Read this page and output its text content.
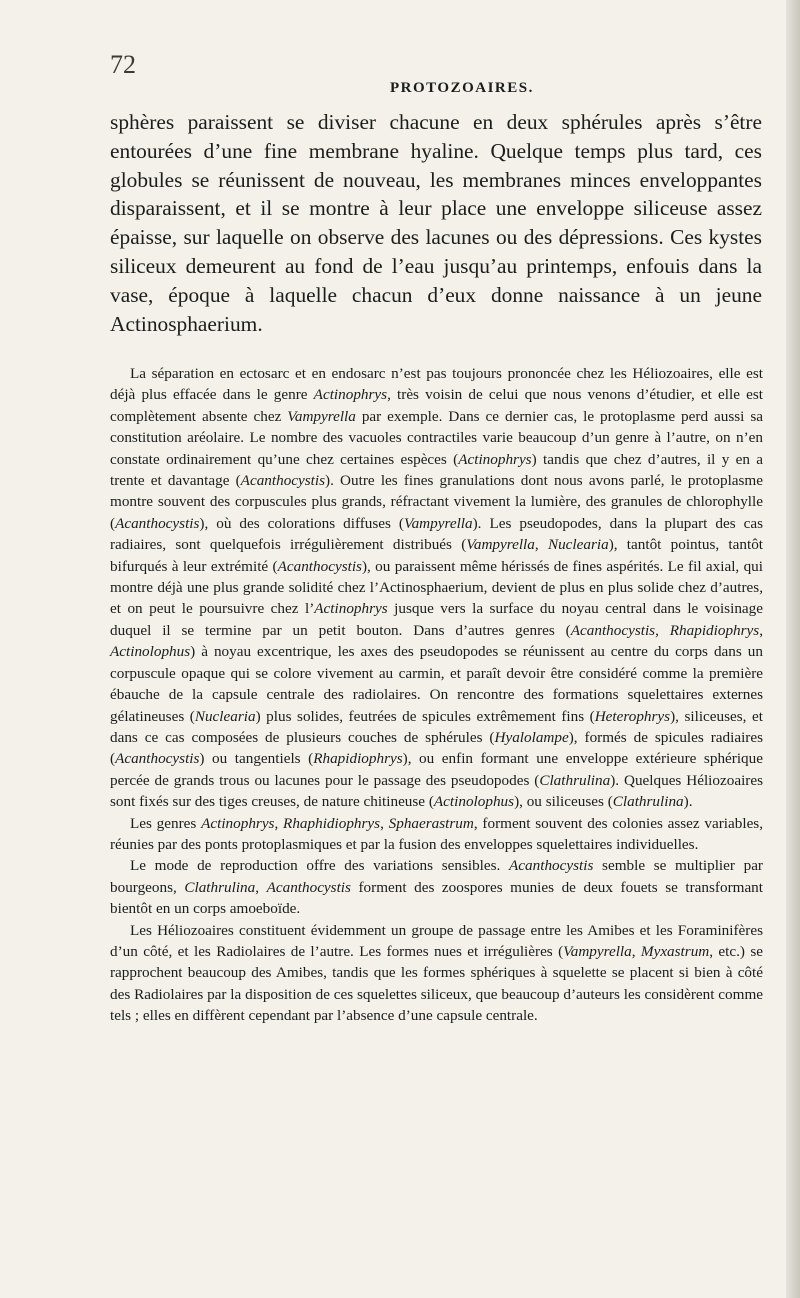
72
PROTOZOAIRES.

sphères paraissent se diviser chacune en deux sphérules après s’être entourées d’une fine membrane hyaline. Quelque temps plus tard, ces globules se réunissent de nouveau, les membranes minces enveloppantes disparaissent, et il se montre à leur place une enveloppe siliceuse assez épaisse, sur laquelle on observe des lacunes ou des dépressions. Ces kystes siliceux demeurent au fond de l’eau jusqu’au printemps, enfouis dans la vase, époque à laquelle chacun d’eux donne naissance à un jeune Actinosphaerium.

La séparation en ectosarc et en endosarc n’est pas toujours prononcée chez les Héliozoaires, elle est déjà plus effacée dans le genre Actinophrys, très voisin de celui que nous venons d’étudier, et elle est complètement absente chez Vampyrella par exemple. Dans ce dernier cas, le protoplasme perd aussi sa constitution aréolaire. Le nombre des vacuoles contractiles varie beaucoup d’un genre à l’autre, on n’en constate ordinairement qu’une chez certaines espèces (Actinophrys) tandis que chez d’autres, il y en a trente et davantage (Acanthocystis). Outre les fines granulations dont nous avons parlé, le protoplasme montre souvent des corpuscules plus grands, réfractant vivement la lumière, des granules de chlorophylle (Acanthocystis), où des colorations diffuses (Vampyrella). Les pseudopodes, dans la plupart des cas radiaires, sont quelquefois irrégulièrement distribués (Vampyrella, Nuclearia), tantôt pointus, tantôt bifurqués à leur extrémité (Acanthocystis), ou paraissent même hérissés de fines aspérités. Le fil axial, qui montre déjà une plus grande solidité chez l’Actinosphaerium, devient de plus en plus solide chez d’autres, et on peut le poursuivre chez l’Actinophrys jusque vers la surface du noyau central dans le voisinage duquel il se termine par un petit bouton. Dans d’autres genres (Acanthocystis, Rhapidiophrys, Actinolophus) à noyau excentrique, les axes des pseudopodes se réunissent au centre du corps dans un corpuscule opaque qui se colore vivement au carmin, et paraît devoir être considéré comme la première ébauche de la capsule centrale des radiolaires. On rencontre des formations squelettaires externes gélatineuses (Nuclearia) plus solides, feutrées de spicules extrêmement fins (Heterophrys), siliceuses, et dans ce cas composées de plusieurs couches de sphérules (Hyalolampe), formés de spicules radiaires (Acanthocystis) ou tangentiels (Rhapidiophrys), ou enfin formant une enveloppe extérieure sphérique percée de grands trous ou lacunes pour le passage des pseudopodes (Clathrulina). Quelques Héliozoaires sont fixés sur des tiges creuses, de nature chitineuse (Actinolophus), ou siliceuses (Clathrulina).

Les genres Actinophrys, Rhaphidiophrys, Sphaerastrum, forment souvent des colonies assez variables, réunies par des ponts protoplasmiques et par la fusion des enveloppes squelettaires individuelles.

Le mode de reproduction offre des variations sensibles. Acanthocystis semble se multiplier par bourgeons, Clathrulina, Acanthocystis forment des zoospores munies de deux fouets se transformant bientôt en un corps amoeboïde.

Les Héliozoaires constituent évidemment un groupe de passage entre les Amibes et les Foraminifères d’un côté, et les Radiolaires de l’autre. Les formes nues et irrégulières (Vampyrella, Myxastrum, etc.) se rapprochent beaucoup des Amibes, tandis que les formes sphériques à squelette se placent si bien à côté des Radiolaires par la disposition de ces squelettes siliceux, que beaucoup d’auteurs les considèrent comme tels ; elles en diffèrent cependant par l’absence d’une capsule centrale.
